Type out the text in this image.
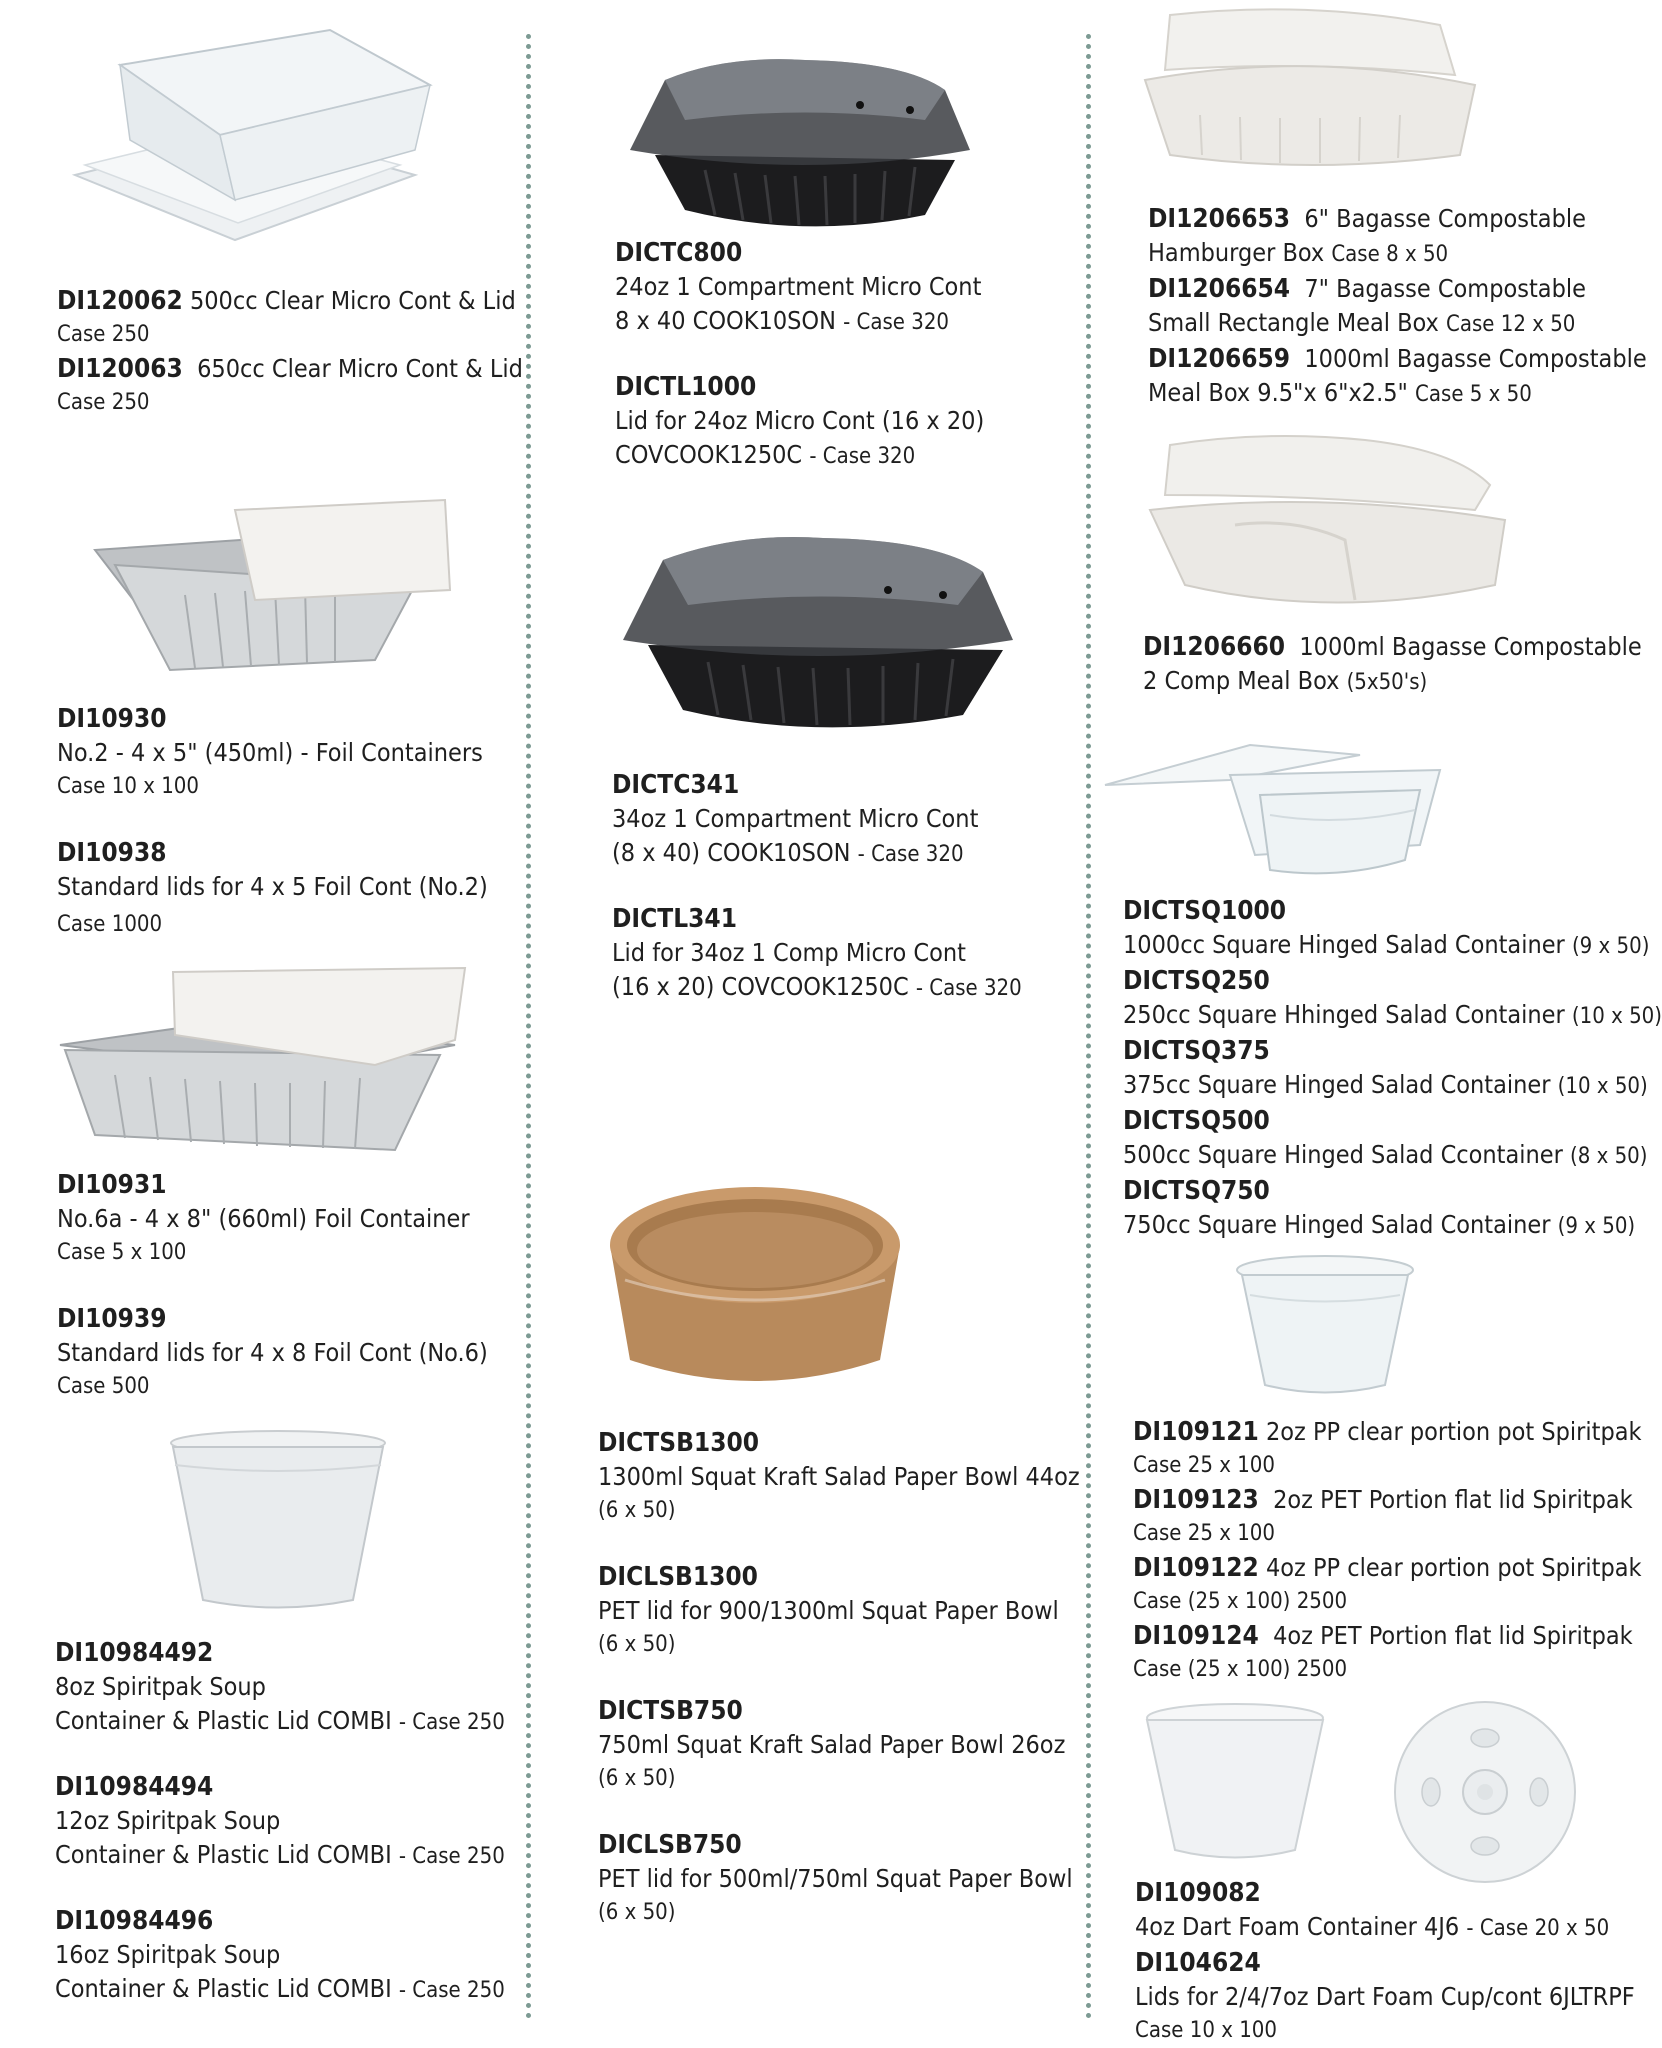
DI120062 500cc Clear Micro Cont & Lid
Case 250
DI120063 650cc Clear Micro Cont & Lid
Case 250
DI10930
No.2 - 4 x 5" (450ml) - Foil Containers
Case 10 x 100
DI10938
Standard lids for 4 x 5 Foil Cont (No.2)
Case 1000
DI10931
No.6a - 4 x 8" (660ml) Foil Container
Case 5 x 100
DI10939
Standard lids for 4 x 8 Foil Cont (No.6)
Case 500
DI10984492
8oz Spiritpak Soup
Container & Plastic Lid COMBI - Case 250
DI10984494
12oz Spiritpak Soup
Container & Plastic Lid COMBI - Case 250
DI10984496
16oz Spiritpak Soup
Container & Plastic Lid COMBI - Case 250
DICTC800
24oz 1 Compartment Micro Cont
8 x 40 COOK10SON - Case 320
DICTL1000
Lid for 24oz Micro Cont (16 x 20)
COVCOOK1250C - Case 320
DICTC341
34oz 1 Compartment Micro Cont
(8 x 40) COOK10SON - Case 320
DICTL341
Lid for 34oz 1 Comp Micro Cont
(16 x 20) COVCOOK1250C - Case 320
DICTSB1300
1300ml Squat Kraft Salad Paper Bowl 44oz
(6 x 50)
DICLSB1300
PET lid for 900/1300ml Squat Paper Bowl
(6 x 50)
DICTSB750
750ml Squat Kraft Salad Paper Bowl 26oz
(6 x 50)
DICLSB750
PET lid for 500ml/750ml Squat Paper Bowl
(6 x 50)
DI1206653 6" Bagasse Compostable
Hamburger Box Case 8 x 50
DI1206654 7" Bagasse Compostable
Small Rectangle Meal Box Case 12 x 50
DI1206659 1000ml Bagasse Compostable
Meal Box 9.5"x 6"x2.5" Case 5 x 50
DI1206660 1000ml Bagasse Compostable
2 Comp Meal Box (5x50's)
DICTSQ1000
1000cc Square Hinged Salad Container (9 x 50)
DICTSQ250
250cc Square Hhinged Salad Container (10 x 50)
DICTSQ375
375cc Square Hinged Salad Container (10 x 50)
DICTSQ500
500cc Square Hinged Salad Ccontainer (8 x 50)
DICTSQ750
750cc Square Hinged Salad Container (9 x 50)
DI109121 2oz PP clear portion pot Spiritpak
Case 25 x 100
DI109123 2oz PET Portion flat lid Spiritpak
Case 25 x 100
DI109122 4oz PP clear portion pot Spiritpak
Case (25 x 100) 2500
DI109124 4oz PET Portion flat lid Spiritpak
Case (25 x 100) 2500
DI109082
4oz Dart Foam Container 4J6 - Case 20 x 50
DI104624
Lids for 2/4/7oz Dart Foam Cup/cont 6JLTRPF
Case 10 x 100
